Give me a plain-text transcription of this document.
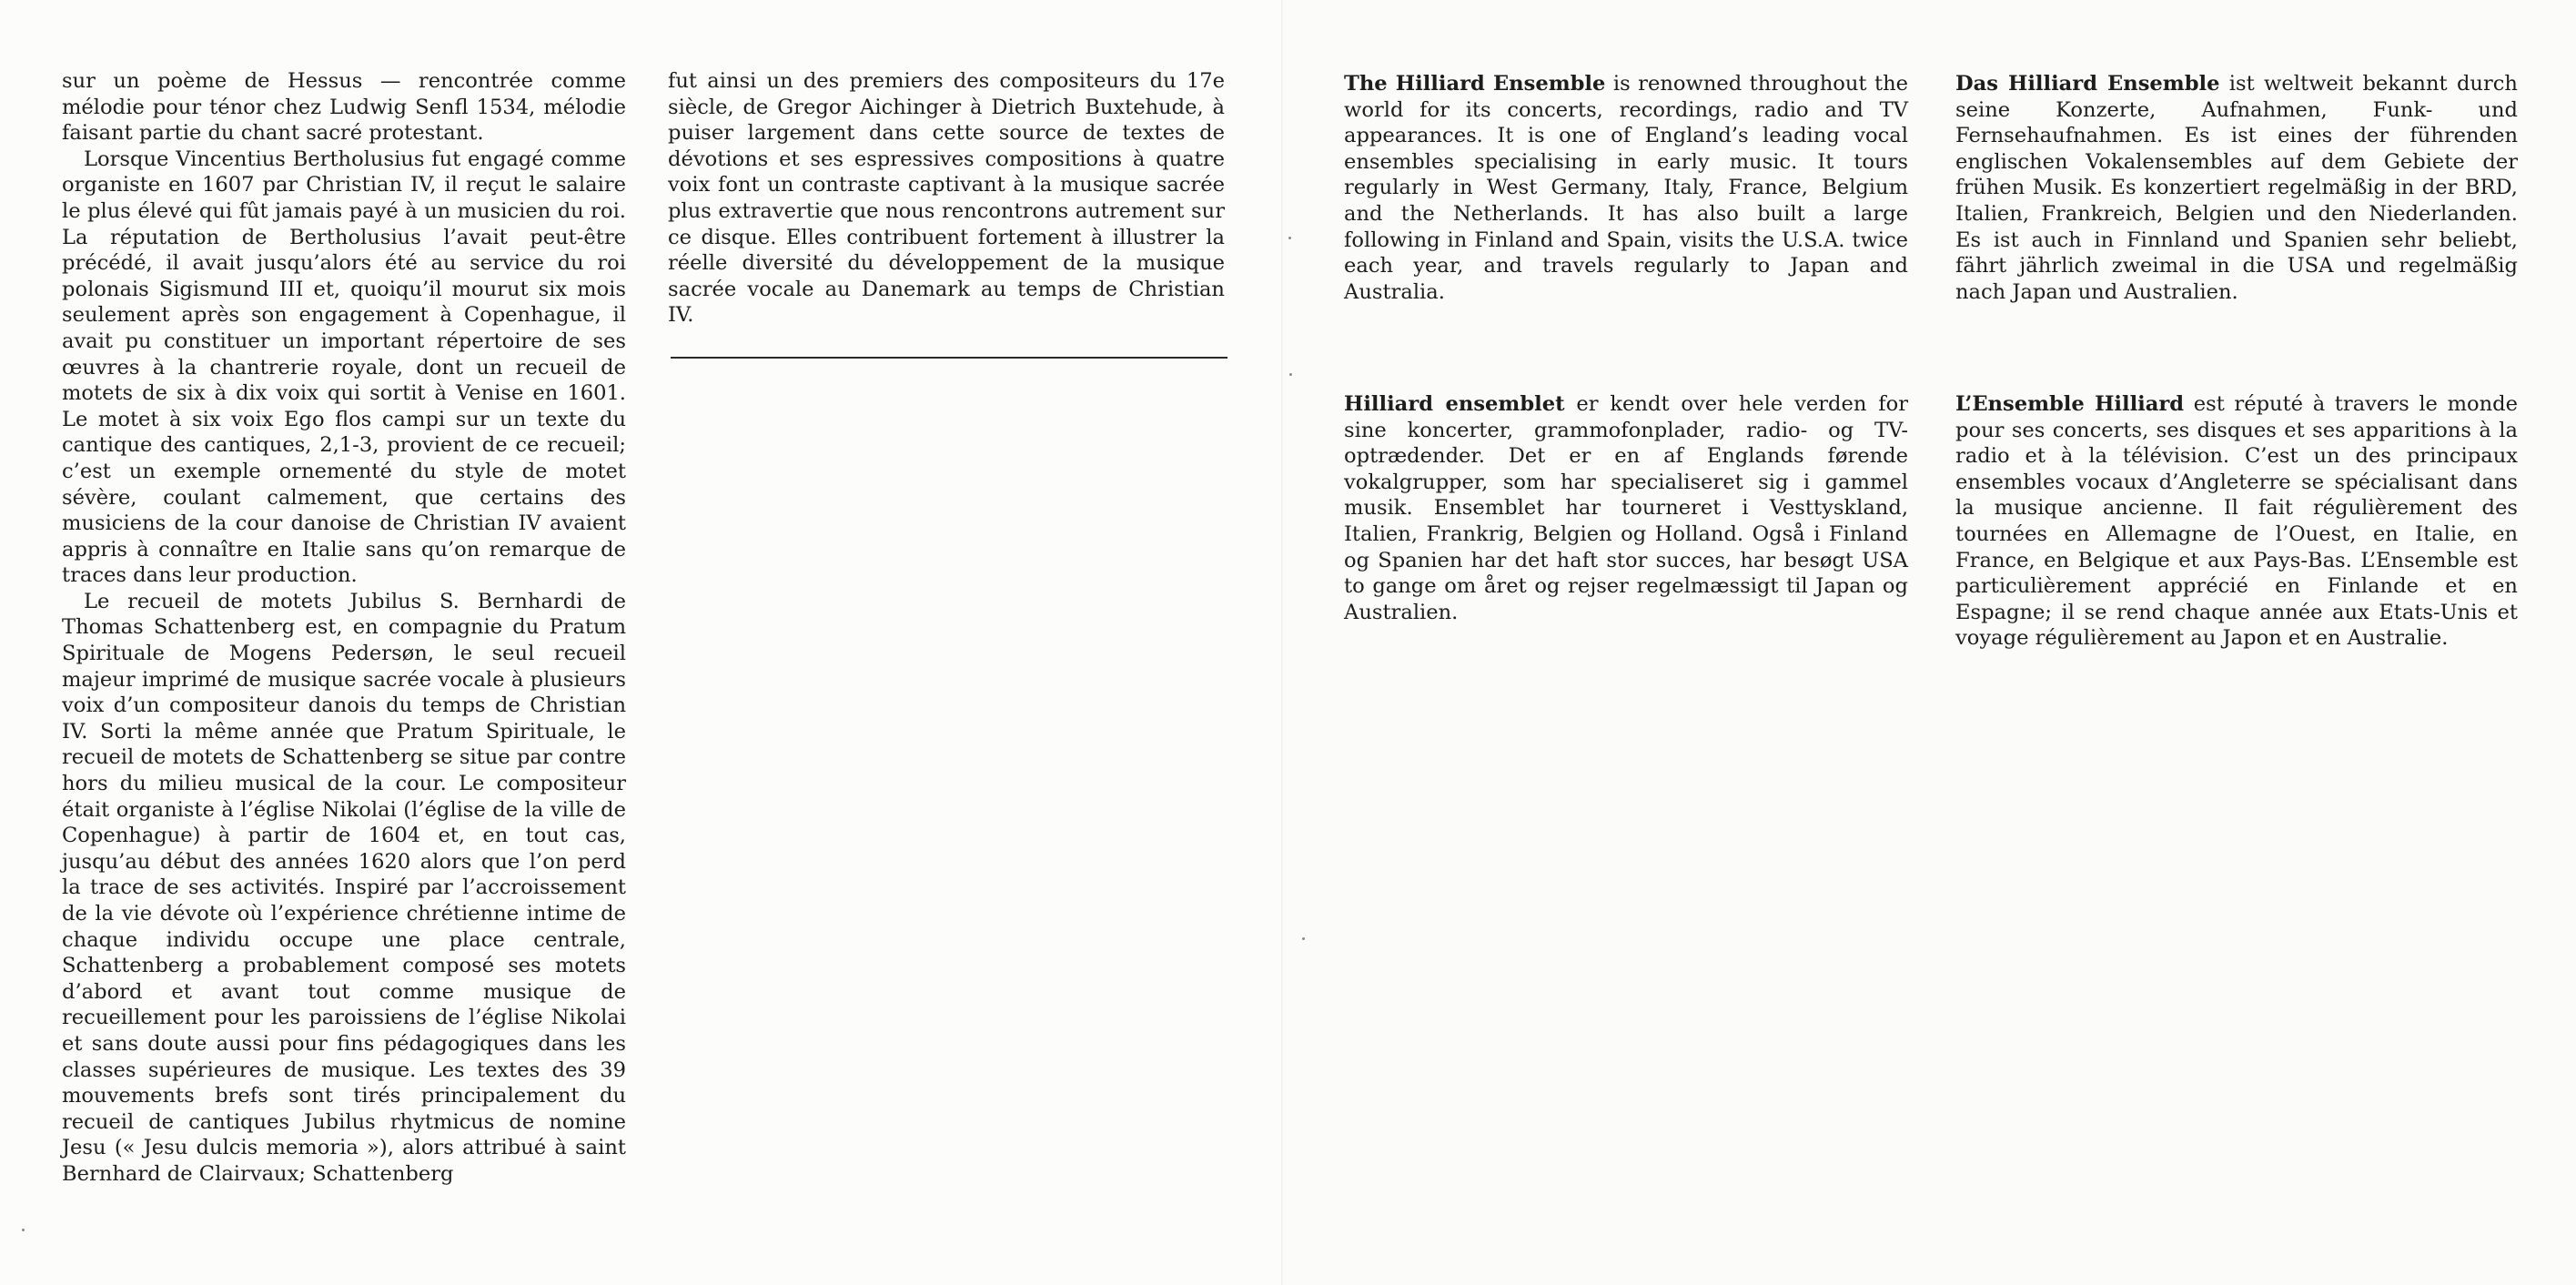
sur un poème de Hessus — rencontrée comme mélodie pour ténor chez Ludwig Senfl 1534, mélodie faisant partie du chant sacré protestant.

Lorsque Vincentius Bertholusius fut engagé comme organiste en 1607 par Christian IV, il reçut le salaire le plus élevé qui fût jamais payé à un musicien du roi. La réputation de Bertholusius l’avait peut-être précédé, il avait jusqu’alors été au service du roi polonais Sigismund III et, quoiqu’il mourut six mois seulement après son engagement à Copenhague, il avait pu constituer un important répertoire de ses œuvres à la chantrerie royale, dont un recueil de motets de six à dix voix qui sortit à Venise en 1601. Le motet à six voix Ego flos campi sur un texte du cantique des cantiques, 2,1-3, provient de ce recueil; c’est un exemple ornementé du style de motet sévère, coulant calmement, que certains des musiciens de la cour danoise de Christian IV avaient appris à connaître en Italie sans qu’on remarque de traces dans leur production.

Le recueil de motets Jubilus S. Bernhardi de Thomas Schattenberg est, en compagnie du Pratum Spirituale de Mogens Pedersøn, le seul recueil majeur imprimé de musique sacrée vocale à plusieurs voix d’un compositeur danois du temps de Christian IV. Sorti la même année que Pratum Spirituale, le recueil de motets de Schattenberg se situe par contre hors du milieu musical de la cour. Le compositeur était organiste à l’église Nikolai (l’église de la ville de Copenhague) à partir de 1604 et, en tout cas, jusqu’au début des années 1620 alors que l’on perd la trace de ses activités. Inspiré par l’accroissement de la vie dévote où l’expérience chrétienne intime de chaque individu occupe une place centrale, Schattenberg a probablement composé ses motets d’abord et avant tout comme musique de recueillement pour les paroissiens de l’église Nikolai et sans doute aussi pour fins pédagogiques dans les classes supérieures de musique. Les textes des 39 mouvements brefs sont tirés principalement du recueil de cantiques Jubilus rhytmicus de nomine Jesu (« Jesu dulcis memoria »), alors attribué à saint Bernhard de Clairvaux; Schattenberg

fut ainsi un des premiers des compositeurs du 17e siècle, de Gregor Aichinger à Dietrich Buxtehude, à puiser largement dans cette source de textes de dévotions et ses espressives compositions à quatre voix font un contraste captivant à la musique sacrée plus extravertie que nous rencontrons autrement sur ce disque. Elles contribuent fortement à illustrer la réelle diversité du développement de la musique sacrée vocale au Danemark au temps de Christian IV.

The Hilliard Ensemble is renowned throughout the world for its concerts, recordings, radio and TV appearances. It is one of England’s leading vocal ensembles specialising in early music. It tours regularly in West Germany, Italy, France, Belgium and the Netherlands. It has also built a large following in Finland and Spain, visits the U.S.A. twice each year, and travels regularly to Japan and Australia.

Das Hilliard Ensemble ist weltweit bekannt durch seine Konzerte, Aufnahmen, Funk- und Fernsehaufnahmen. Es ist eines der führenden englischen Vokalensembles auf dem Gebiete der frühen Musik. Es konzertiert regelmäßig in der BRD, Italien, Frankreich, Belgien und den Niederlanden. Es ist auch in Finnland und Spanien sehr beliebt, fährt jährlich zweimal in die USA und regelmäßig nach Japan und Australien.

Hilliard ensemblet er kendt over hele verden for sine koncerter, grammofonplader, radio- og TV-optrædender. Det er en af Englands førende vokalgrupper, som har specialiseret sig i gammel musik. Ensemblet har tourneret i Vesttyskland, Italien, Frankrig, Belgien og Holland. Også i Finland og Spanien har det haft stor succes, har besøgt USA to gange om året og rejser regelmæssigt til Japan og Australien.

L’Ensemble Hilliard est réputé à travers le monde pour ses concerts, ses disques et ses apparitions à la radio et à la télévision. C’est un des principaux ensembles vocaux d’Angleterre se spécialisant dans la musique ancienne. Il fait régulièrement des tournées en Allemagne de l’Ouest, en Italie, en France, en Belgique et aux Pays-Bas. L’Ensemble est particulièrement apprécié en Finlande et en Espagne; il se rend chaque année aux Etats-Unis et voyage régulièrement au Japon et en Australie.
